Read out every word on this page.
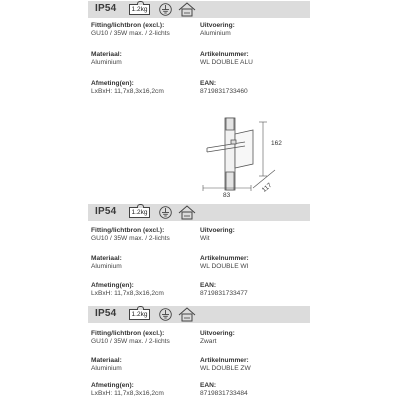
IP54	1.2kg
Fitting/lichtbron (excl.):
GU10 / 35W max. / 2-lichts
Uitvoering:
Aluminium
Materiaal:
Aluminium
Artikelnummer:
WL DOUBLE ALU
Afmeting(en):
LxBxH: 11,7x8,3x16,2cm
EAN:
8719831733460
162
83
117
IP54	1.2kg
Fitting/lichtbron (excl.):
GU10 / 35W max. / 2-lichts
Uitvoering:
Wit
Materiaal:
Aluminium
Artikelnummer:
WL DOUBLE WI
Afmeting(en):
LxBxH: 11,7x8,3x16,2cm
EAN:
8719831733477
IP54	1.2kg
Fitting/lichtbron (excl.):
GU10 / 35W max. / 2-lichts
Uitvoering:
Zwart
Materiaal:
Aluminium
Artikelnummer:
WL DOUBLE ZW
Afmeting(en):
LxBxH: 11,7x8,3x16,2cm
EAN:
8719831733484
